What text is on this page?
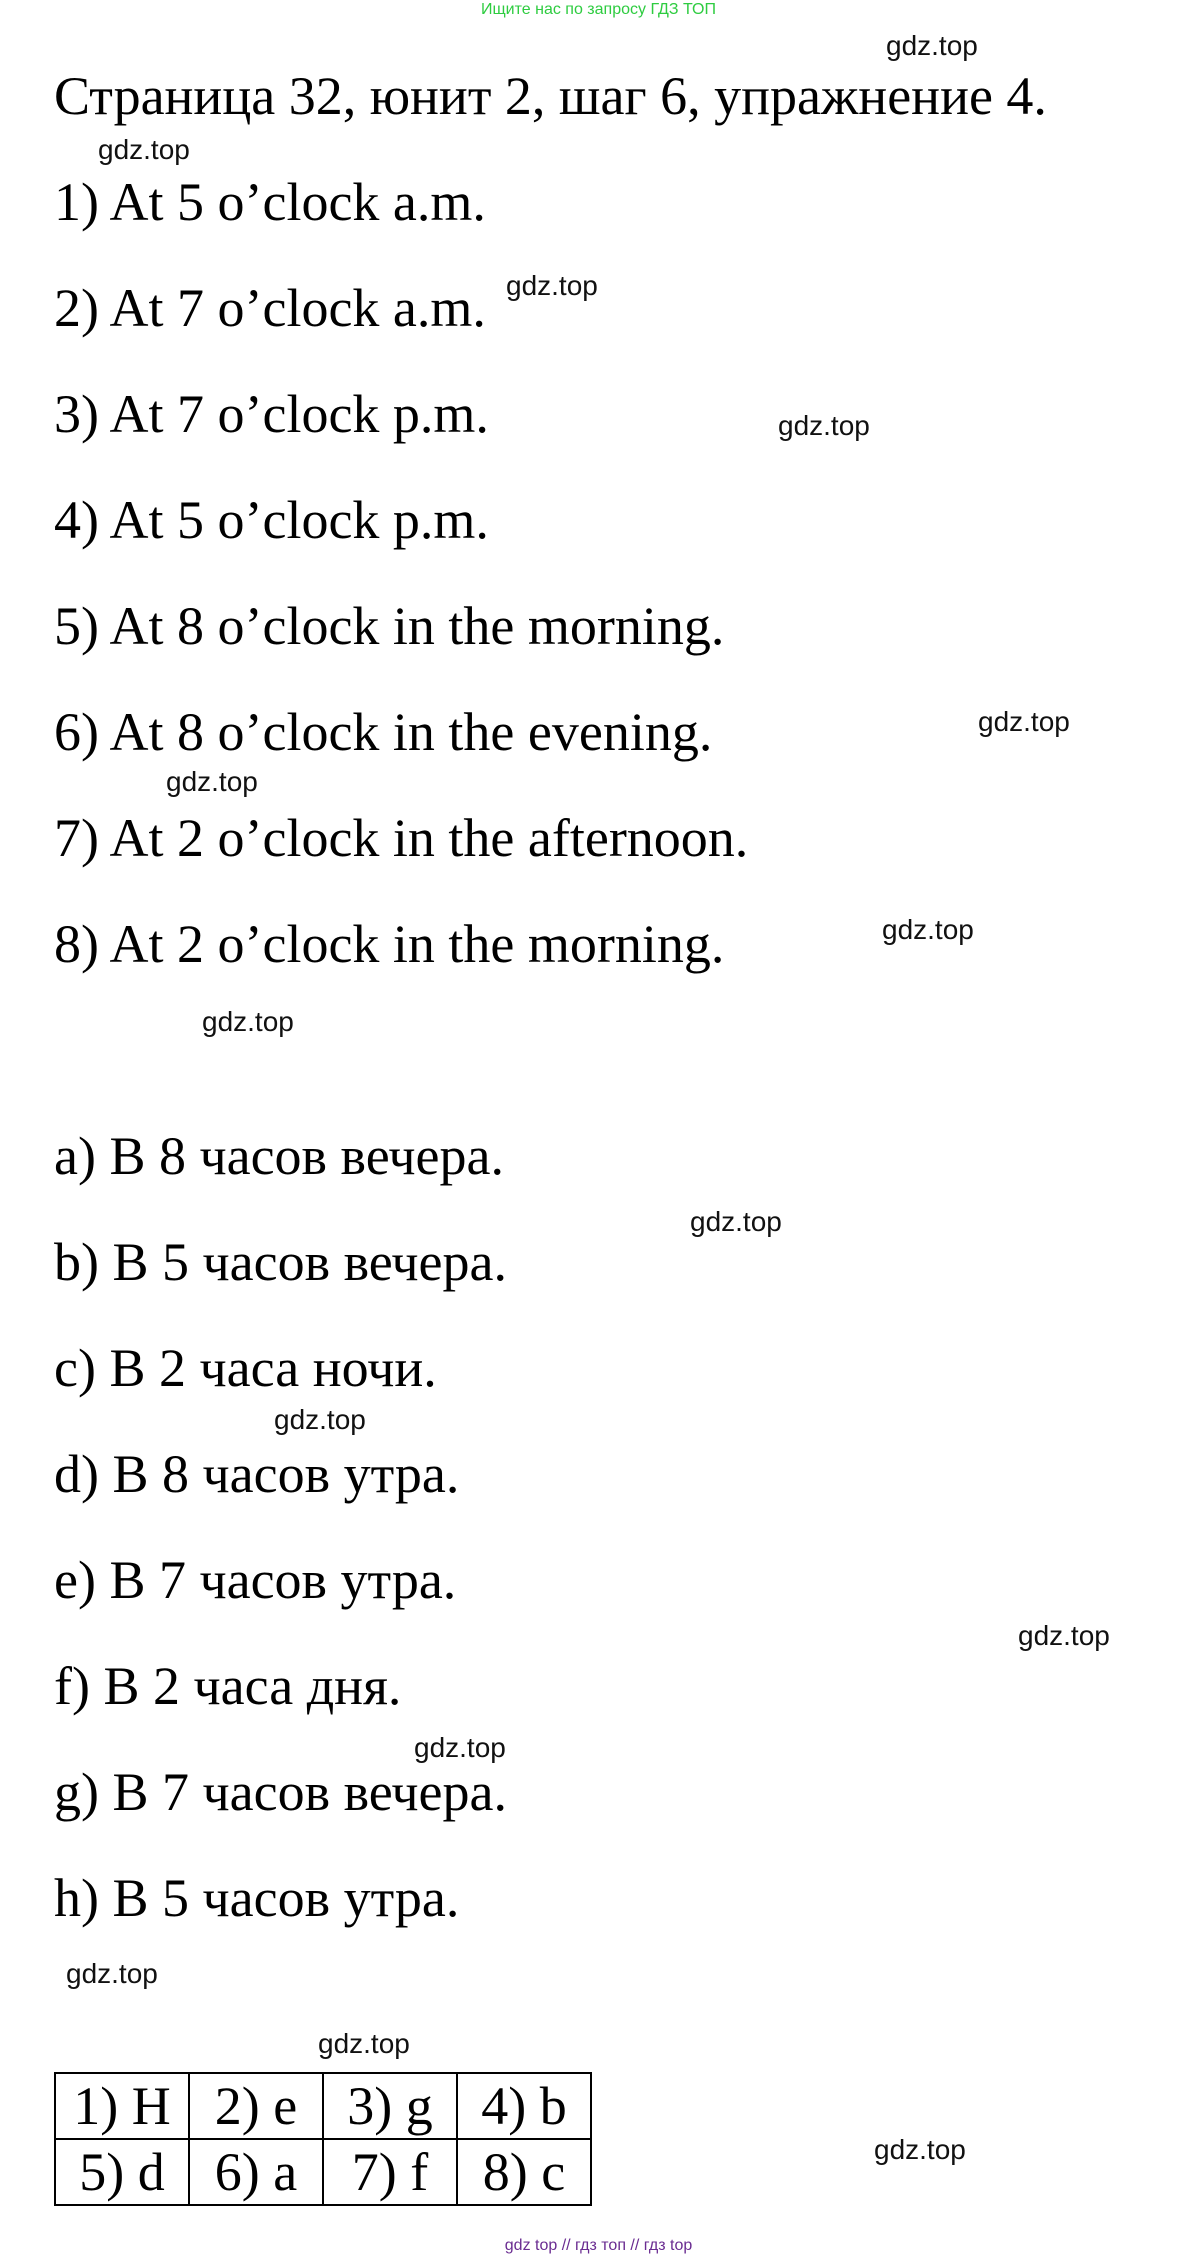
Ищите нас по запросу ГДЗ ТОП
gdz.top
Страница 32, юнит 2, шаг 6, упражнение 4.
gdz.top
1) At 5 o’clock a.m.
2) At 7 o’clock a.m. gdz.top
3) At 7 o’clock p.m.	gdz.top
4) At 5 o’clock p.m.
5) At 8 o’clock in the morning.
6) At 8 o’clock in the evening.	gdz.top
gdz.top
7) At 2 o’clock in the afternoon.
8) At 2 o’clock in the morning.	gdz.top
gdz.top
a) В 8 часов вечера.
gdz.top
b) В 5 часов вечера.
c) В 2 часа ночи.
gdz.top
d) В 8 часов утра.
e) В 7 часов утра.
gdz.top
f) В 2 часа дня.
gdz.top
g) В 7 часов вечера.
h) В 5 часов утра.
gdz.top
gdz.top
1) H	2) e	3) g	4) b
5) d	6) a	7) f	8) c	gdz.top
gdz top // гдз топ // гдз top
